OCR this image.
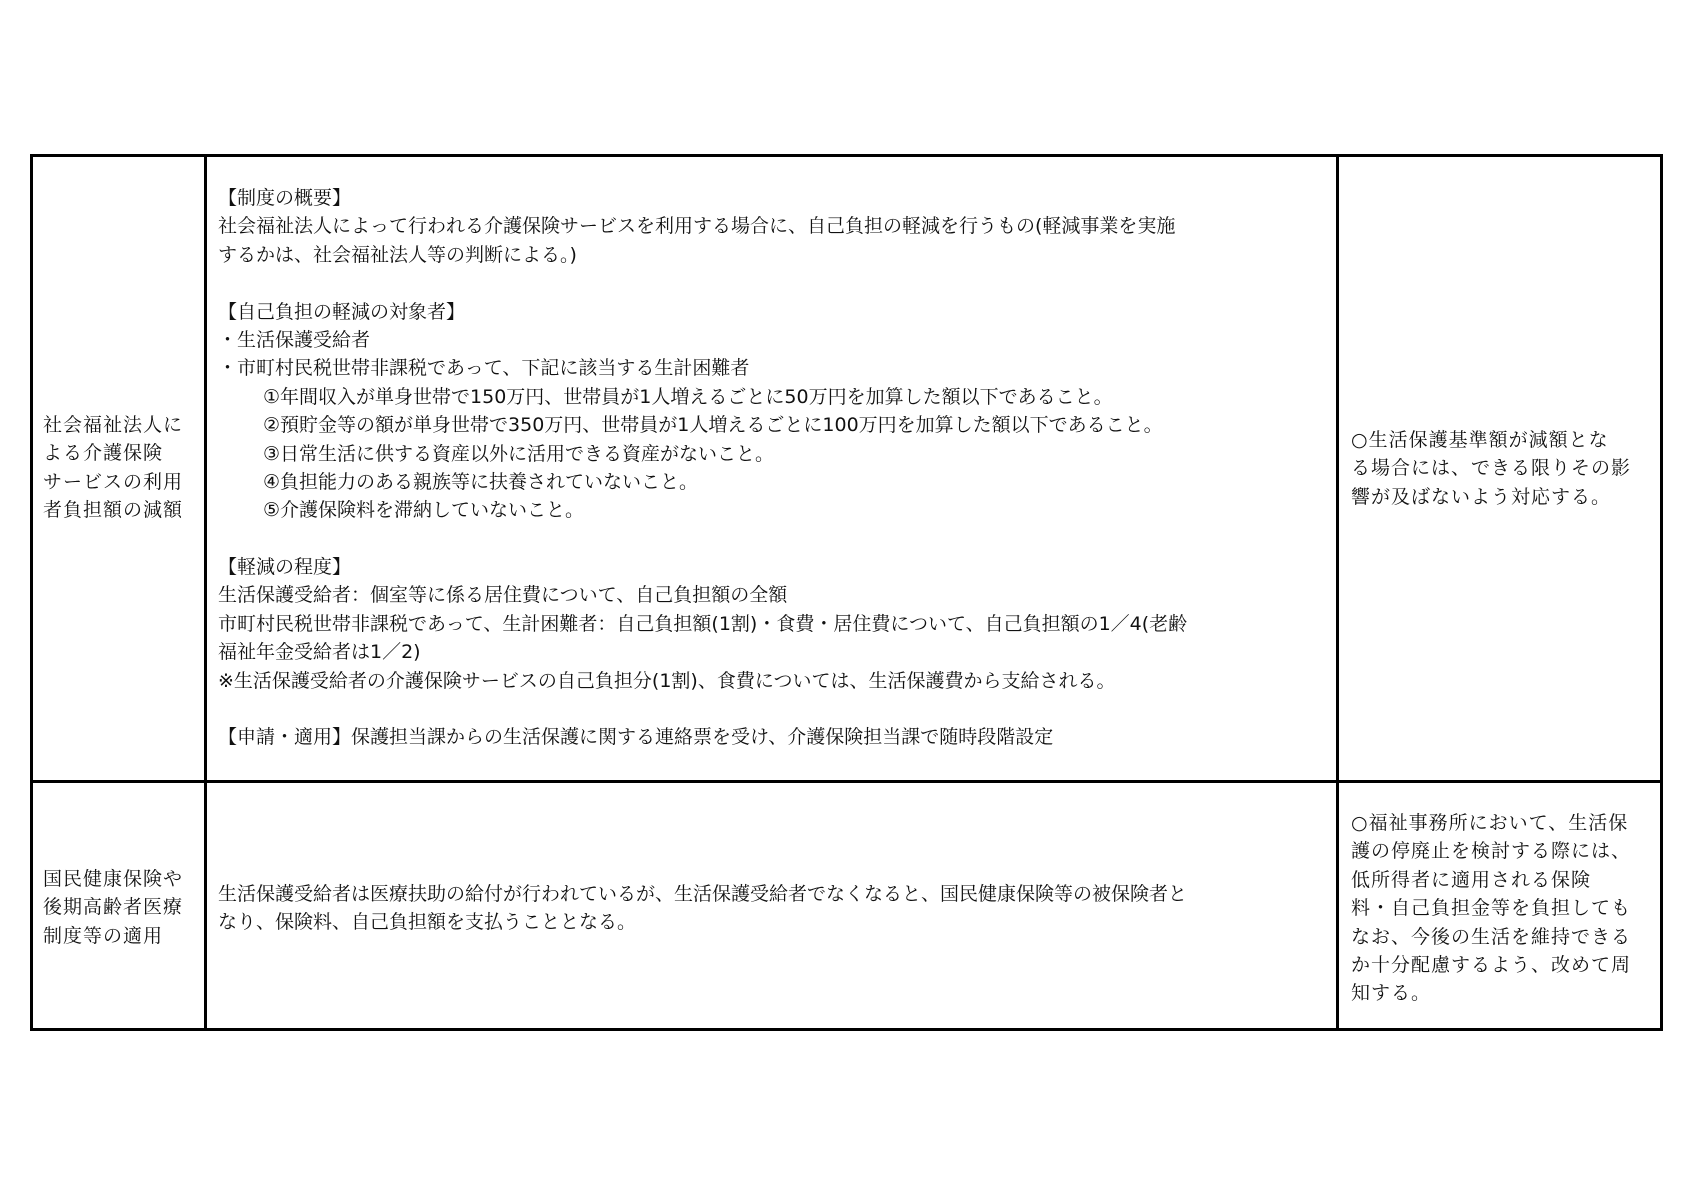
社会福祉法人に
よる介護保険
サービスの利用
者負担額の減額
【制度の概要】
社会福祉法人によって行われる介護保険サービスを利用する場合に、自己負担の軽減を行うもの(軽減事業を実施
するかは、社会福祉法人等の判断による。)
【自己負担の軽減の対象者】
・生活保護受給者
・市町村民税世帯非課税であって、下記に該当する生計困難者
①年間収入が単身世帯で150万円、世帯員が1人増えるごとに50万円を加算した額以下であること。
②預貯金等の額が単身世帯で350万円、世帯員が1人増えるごとに100万円を加算した額以下であること。
③日常生活に供する資産以外に活用できる資産がないこと。
④負担能力のある親族等に扶養されていないこと。
⑤介護保険料を滞納していないこと。
【軽減の程度】
生活保護受給者：個室等に係る居住費について、自己負担額の全額
市町村民税世帯非課税であって、生計困難者：自己負担額(1割)・食費・居住費について、自己負担額の1／4(老齢
福祉年金受給者は1／2)
※生活保護受給者の介護保険サービスの自己負担分(1割)、食費については、生活保護費から支給される。
【申請・適用】保護担当課からの生活保護に関する連絡票を受け、介護保険担当課で随時段階設定
○生活保護基準額が減額とな
る場合には、できる限りその影
響が及ばないよう対応する。
国民健康保険や
後期高齢者医療
制度等の適用
生活保護受給者は医療扶助の給付が行われているが、生活保護受給者でなくなると、国民健康保険等の被保険者と
なり、保険料、自己負担額を支払うこととなる。
○福祉事務所において、生活保
護の停廃止を検討する際には、
低所得者に適用される保険
料・自己負担金等を負担しても
なお、今後の生活を維持できる
か十分配慮するよう、改めて周
知する。
